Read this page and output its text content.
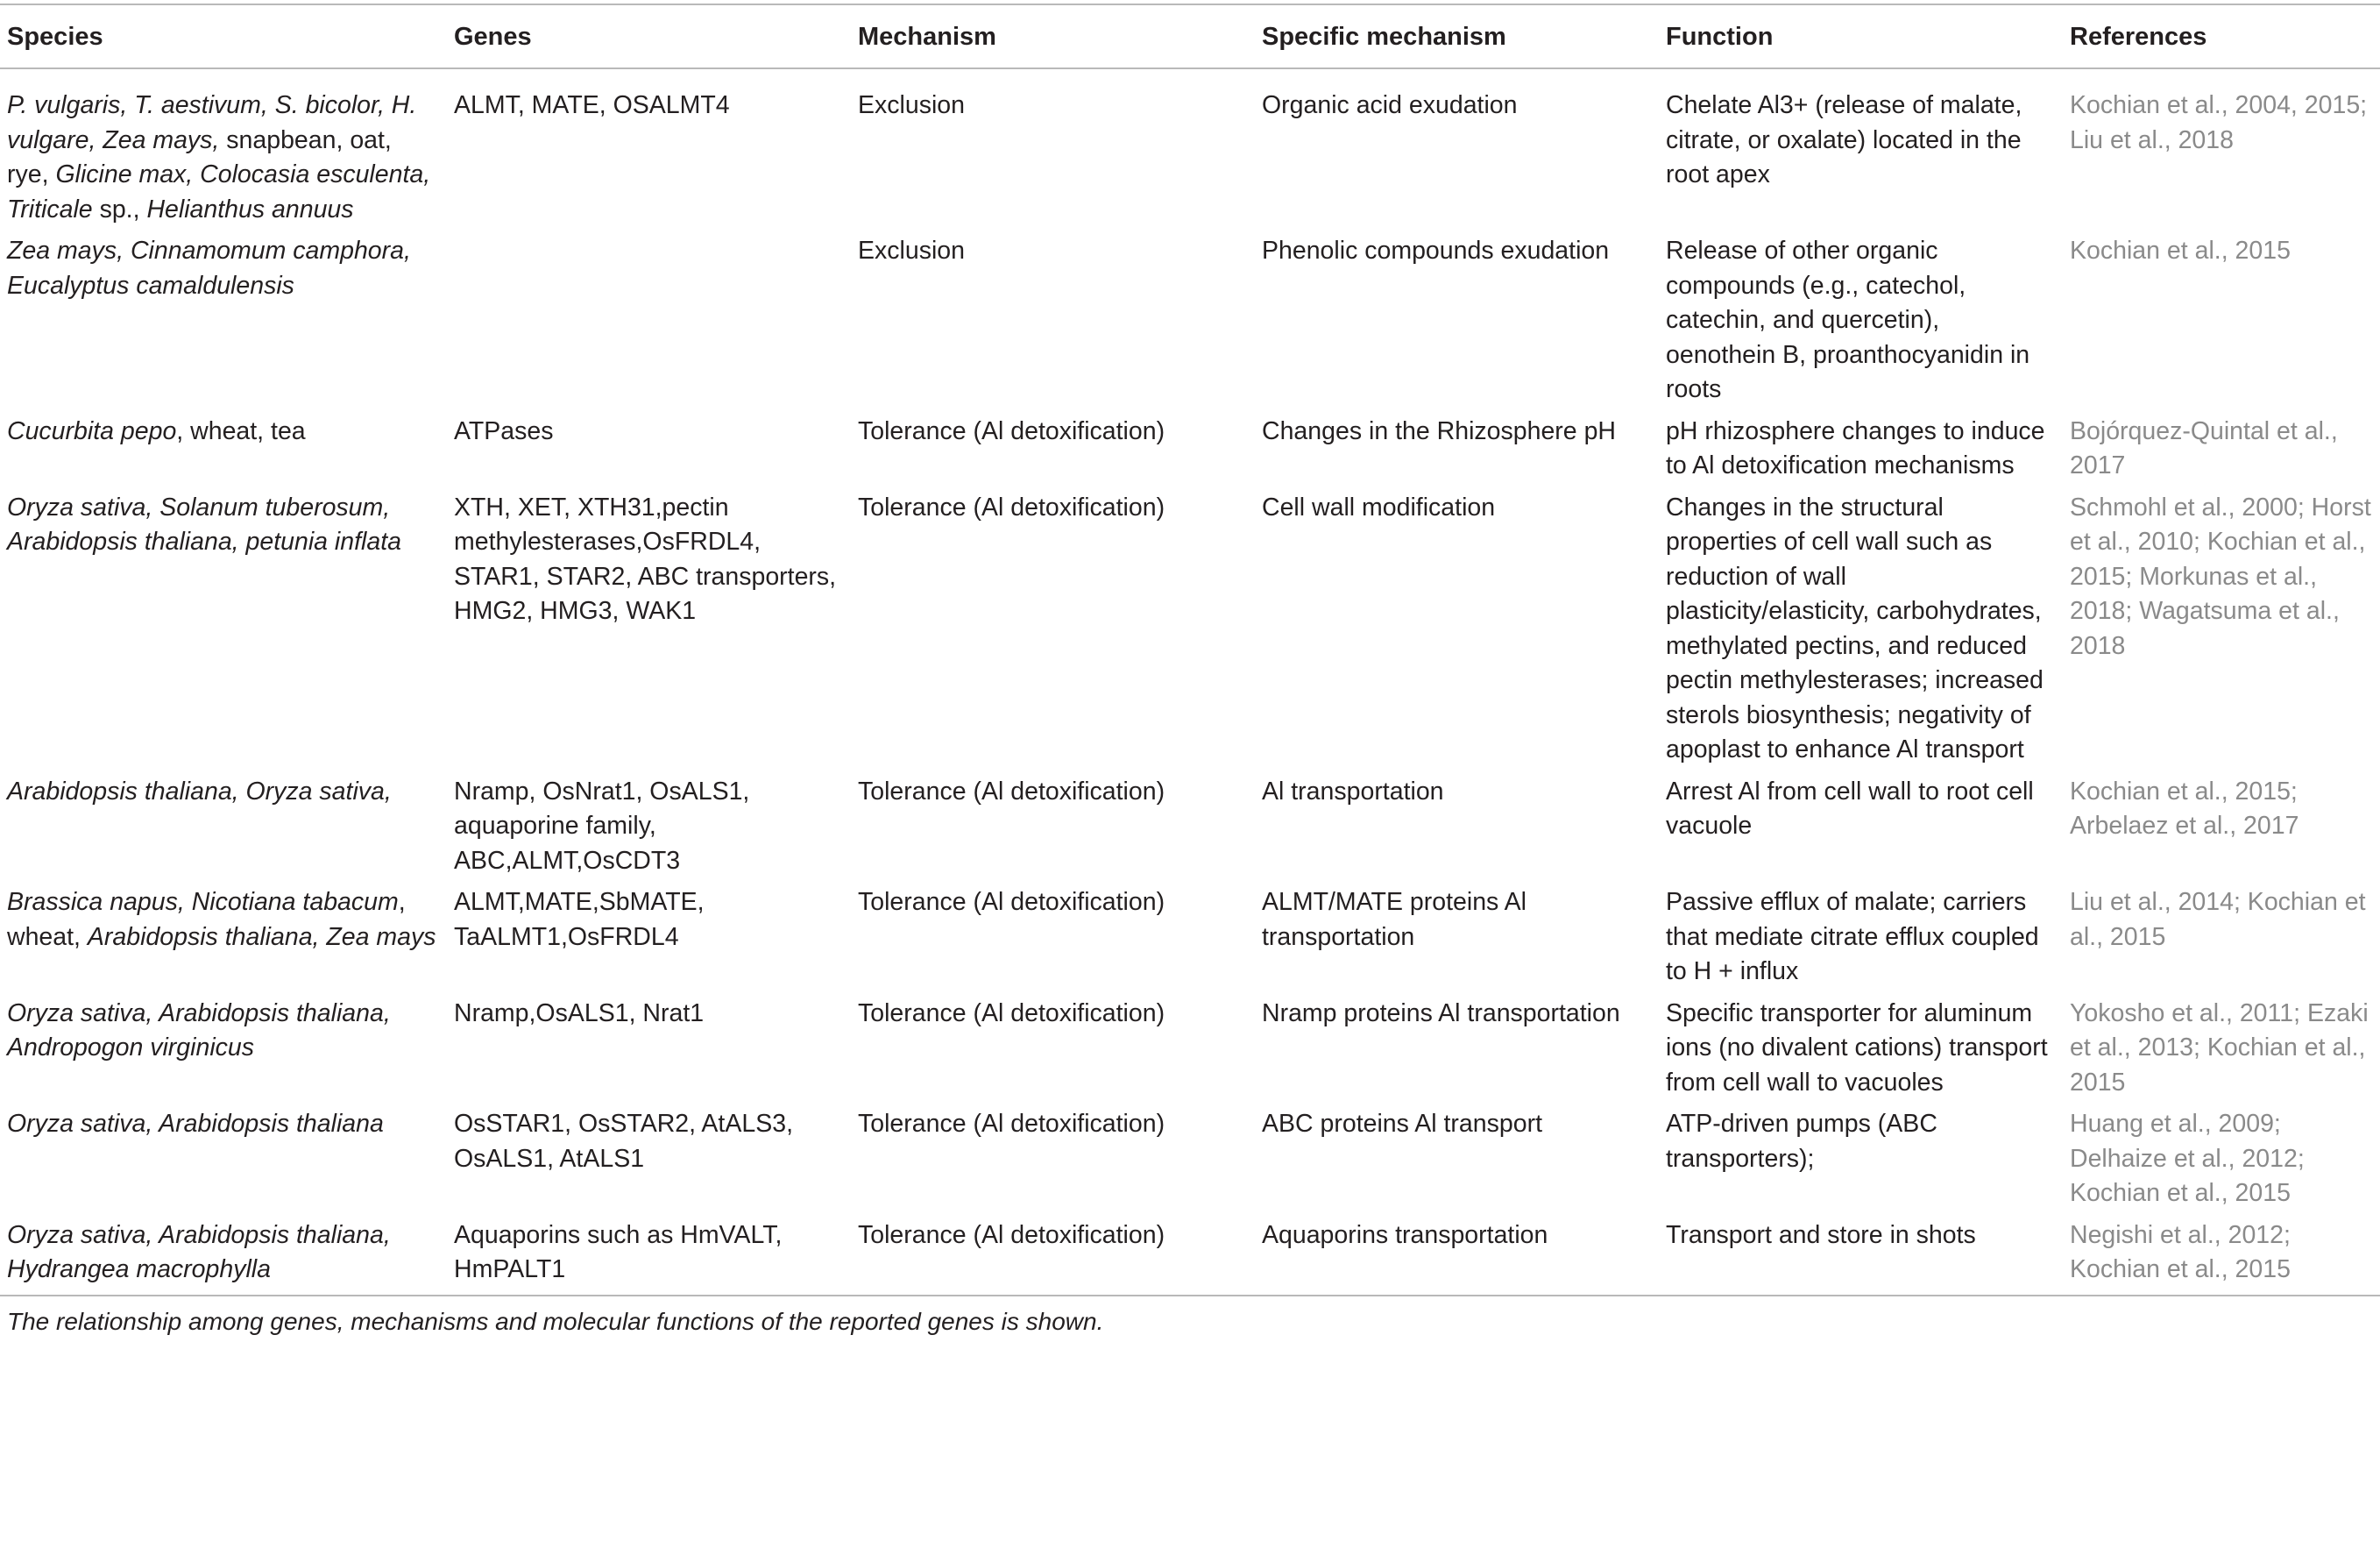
Species	Genes	Mechanism	Specific mechanism	Function	References
P. vulgaris, T. aestivum, S. bicolor, H. vulgare, Zea mays, snapbean, oat, rye, Glicine max, Colocasia esculenta, Triticale sp., Helianthus annuus	ALMT, MATE, OSALMT4	Exclusion	Organic acid exudation	Chelate Al3+ (release of malate, citrate, or oxalate) located in the root apex	Kochian et al., 2004, 2015; Liu et al., 2018
Zea mays, Cinnamomum camphora, Eucalyptus camaldulensis		Exclusion	Phenolic compounds exudation	Release of other organic compounds (e.g., catechol, catechin, and quercetin), oenothein B, proanthocyanidin in roots	Kochian et al., 2015
Cucurbita pepo, wheat, tea	ATPases	Tolerance (Al detoxification)	Changes in the Rhizosphere pH	pH rhizosphere changes to induce to Al detoxification mechanisms	Bojórquez-Quintal et al., 2017
Oryza sativa, Solanum tuberosum, Arabidopsis thaliana, petunia inflata	XTH, XET, XTH31,pectin methylesterases,OsFRDL4, STAR1, STAR2, ABC transporters, HMG2, HMG3, WAK1	Tolerance (Al detoxification)	Cell wall modification	Changes in the structural properties of cell wall such as reduction of wall plasticity/elasticity, carbohydrates, methylated pectins, and reduced pectin methylesterases; increased sterols biosynthesis; negativity of apoplast to enhance Al transport	Schmohl et al., 2000; Horst et al., 2010; Kochian et al., 2015; Morkunas et al., 2018; Wagatsuma et al., 2018
Arabidopsis thaliana, Oryza sativa,	Nramp, OsNrat1, OsALS1, aquaporine family, ABC,ALMT,OsCDT3	Tolerance (Al detoxification)	Al transportation	Arrest Al from cell wall to root cell vacuole	Kochian et al., 2015; Arbelaez et al., 2017
Brassica napus, Nicotiana tabacum, wheat, Arabidopsis thaliana, Zea mays	ALMT,MATE,SbMATE, TaALMT1,OsFRDL4	Tolerance (Al detoxification)	ALMT/MATE proteins Al transportation	Passive efflux of malate; carriers that mediate citrate efflux coupled to H + influx	Liu et al., 2014; Kochian et al., 2015
Oryza sativa, Arabidopsis thaliana, Andropogon virginicus	Nramp,OsALS1, Nrat1	Tolerance (Al detoxification)	Nramp proteins Al transportation	Specific transporter for aluminum ions (no divalent cations) transport from cell wall to vacuoles	Yokosho et al., 2011; Ezaki et al., 2013; Kochian et al., 2015
Oryza sativa, Arabidopsis thaliana	OsSTAR1, OsSTAR2, AtALS3, OsALS1, AtALS1	Tolerance (Al detoxification)	ABC proteins Al transport	ATP-driven pumps (ABC transporters);	Huang et al., 2009; Delhaize et al., 2012; Kochian et al., 2015
Oryza sativa, Arabidopsis thaliana, Hydrangea macrophylla	Aquaporins such as HmVALT, HmPALT1	Tolerance (Al detoxification)	Aquaporins transportation	Transport and store in shots	Negishi et al., 2012; Kochian et al., 2015
The relationship among genes, mechanisms and molecular functions of the reported genes is shown.
